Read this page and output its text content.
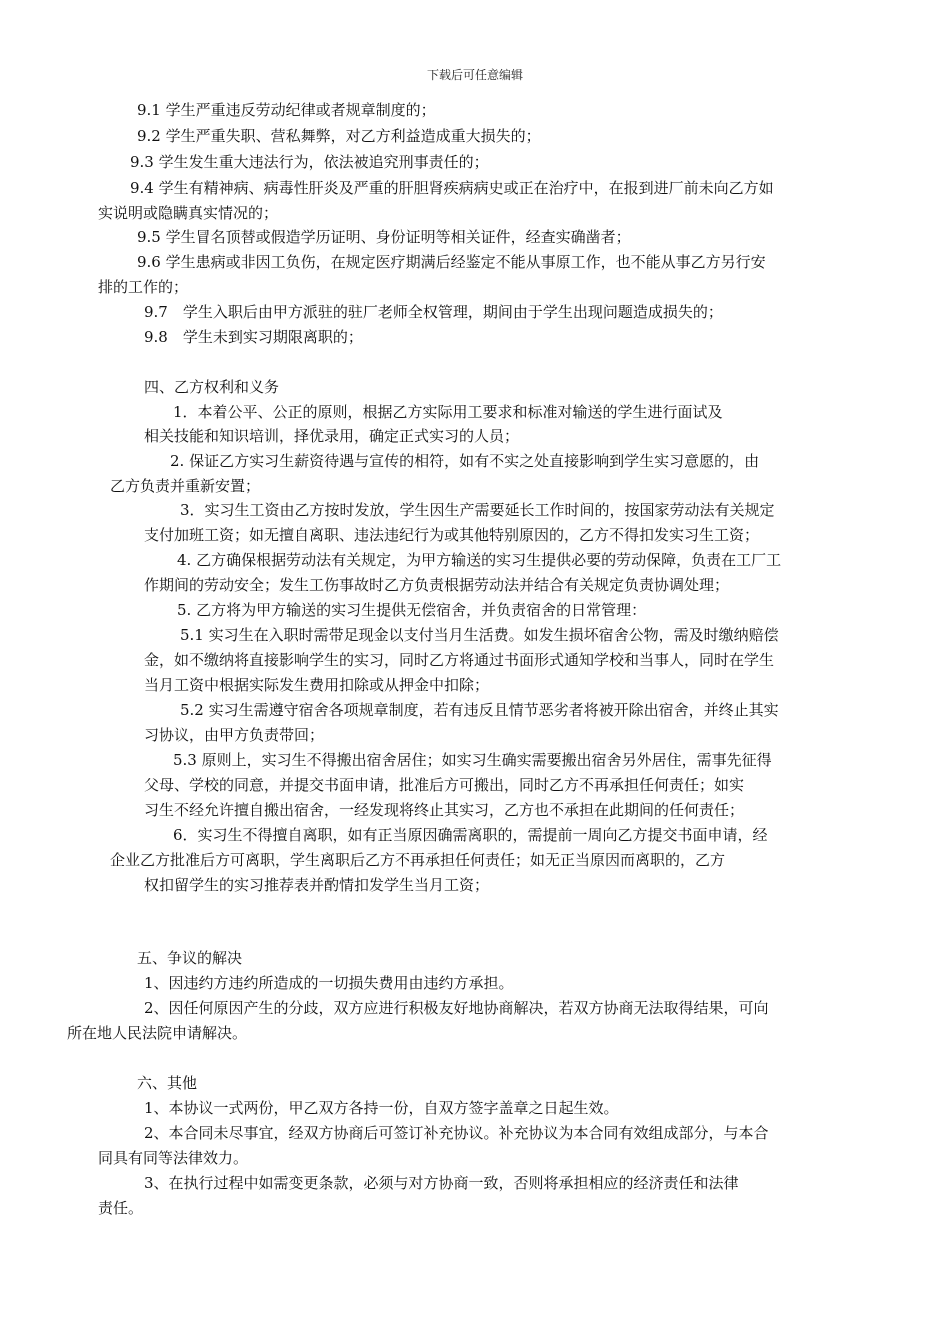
下载后可任意编辑
9.1 学生严重违反劳动纪律或者规章制度的；
9.2 学生严重失职、营私舞弊，对乙方利益造成重大损失的；
9.3 学生发生重大违法行为，依法被追究刑事责任的；
9.4 学生有精神病、病毒性肝炎及严重的肝胆肾疾病病史或正在治疗中，在报到进厂前未向乙方如
实说明或隐瞒真实情况的；
9.5 学生冒名顶替或假造学历证明、身份证明等相关证件，经查实确凿者；
9.6 学生患病或非因工负伤，在规定医疗期满后经鉴定不能从事原工作，也不能从事乙方另行安
排的工作的；
9.7　学生入职后由甲方派驻的驻厂老师全权管理，期间由于学生出现问题造成损失的；
9.8　学生未到实习期限离职的；
四、乙方权利和义务
1．本着公平、公正的原则，根据乙方实际用工要求和标准对输送的学生进行面试及
相关技能和知识培训，择优录用，确定正式实习的人员；
2. 保证乙方实习生薪资待遇与宣传的相符，如有不实之处直接影响到学生实习意愿的，由
乙方负责并重新安置；
3．实习生工资由乙方按时发放，学生因生产需要延长工作时间的，按国家劳动法有关规定
支付加班工资；如无擅自离职、违法违纪行为或其他特别原因的，乙方不得扣发实习生工资；
4. 乙方确保根据劳动法有关规定，为甲方输送的实习生提供必要的劳动保障，负责在工厂工
作期间的劳动安全；发生工伤事故时乙方负责根据劳动法并结合有关规定负责协调处理；
5. 乙方将为甲方输送的实习生提供无偿宿舍，并负责宿舍的日常管理：
5.1 实习生在入职时需带足现金以支付当月生活费。如发生损坏宿舍公物，需及时缴纳赔偿
金，如不缴纳将直接影响学生的实习，同时乙方将通过书面形式通知学校和当事人，同时在学生
当月工资中根据实际发生费用扣除或从押金中扣除；
5.2 实习生需遵守宿舍各项规章制度，若有违反且情节恶劣者将被开除出宿舍，并终止其实
习协议，由甲方负责带回；
5.3 原则上，实习生不得搬出宿舍居住；如实习生确实需要搬出宿舍另外居住，需事先征得
父母、学校的同意，并提交书面申请，批准后方可搬出，同时乙方不再承担任何责任；如实
习生不经允许擅自搬出宿舍，一经发现将终止其实习，乙方也不承担在此期间的任何责任；
6．实习生不得擅自离职，如有正当原因确需离职的，需提前一周向乙方提交书面申请，经
企业乙方批准后方可离职，学生离职后乙方不再承担任何责任；如无正当原因而离职的，乙方
权扣留学生的实习推荐表并酌情扣发学生当月工资；
五、争议的解决
1、因违约方违约所造成的一切损失费用由违约方承担。
2、因任何原因产生的分歧，双方应进行积极友好地协商解决，若双方协商无法取得结果，可向
所在地人民法院申请解决。
六、其他
1、本协议一式两份，甲乙双方各持一份，自双方签字盖章之日起生效。
2、本合同未尽事宜，经双方协商后可签订补充协议。补充协议为本合同有效组成部分，与本合
同具有同等法律效力。
3、在执行过程中如需变更条款，必须与对方协商一致，否则将承担相应的经济责任和法律
责任。
